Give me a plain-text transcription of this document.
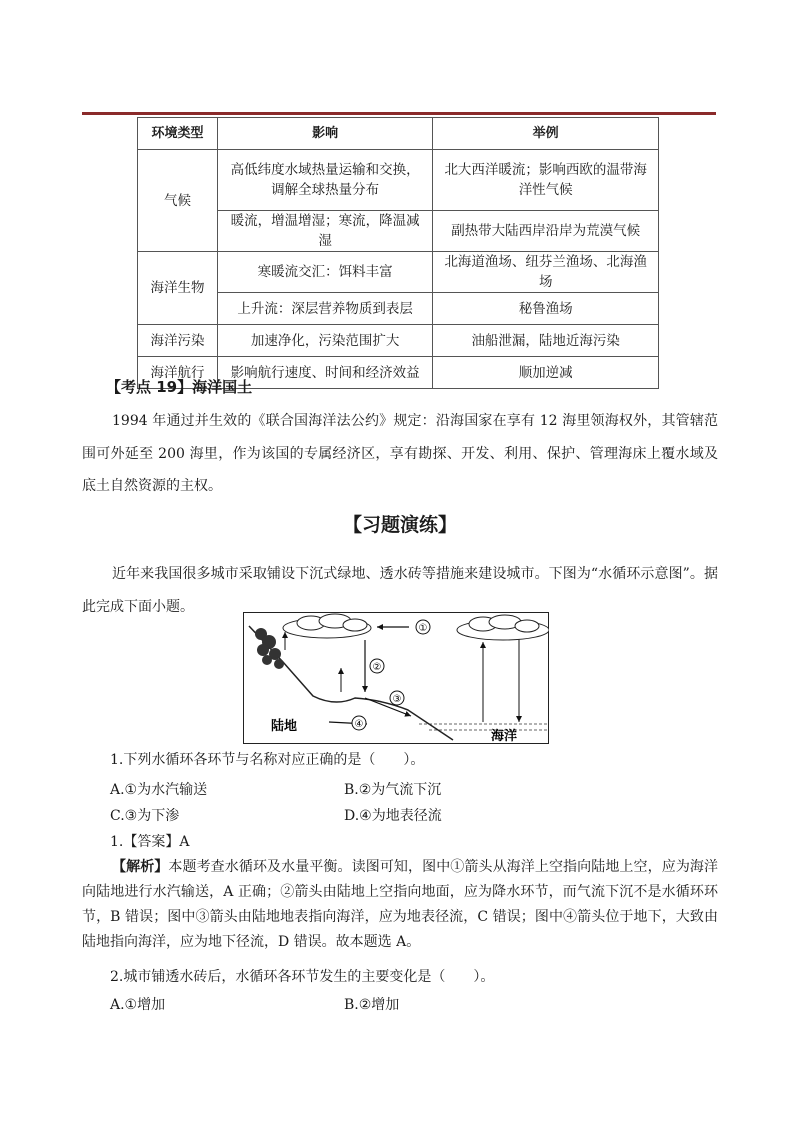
环境类型	影响	举例
气候	高低纬度水域热量运输和交换，调解全球热量分布	北大西洋暖流；影响西欧的温带海洋性气候
	暖流，增温增湿；寒流，降温减湿	副热带大陆西岸沿岸为荒漠气候
海洋生物	寒暖流交汇：饵料丰富	北海道渔场、纽芬兰渔场、北海渔场
	上升流：深层营养物质到表层	秘鲁渔场
海洋污染	加速净化，污染范围扩大	油船泄漏，陆地近海污染
海洋航行	影响航行速度、时间和经济效益	顺加逆减

【考点 19】海洋国土

1994 年通过并生效的《联合国海洋法公约》规定：沿海国家在享有 12 海里领海权外，其管辖范围可外延至 200 海里，作为该国的专属经济区，享有勘探、开发、利用、保护、管理海床上覆水域及底土自然资源的主权。

【习题演练】

近年来我国很多城市采取铺设下沉式绿地、透水砖等措施来建设城市。下图为“水循环示意图”。据此完成下面小题。

①
②
③
④
陆地
海洋

1.下列水循环各环节与名称对应正确的是（　　）。

A.①为水汽输送	B.②为气流下沉

C.③为下渗	D.④为地表径流

1.【答案】A

【解析】本题考查水循环及水量平衡。读图可知，图中①箭头从海洋上空指向陆地上空，应为海洋向陆地进行水汽输送，A 正确；②箭头由陆地上空指向地面，应为降水环节，而气流下沉不是水循环环节，B 错误；图中③箭头由陆地地表指向海洋，应为地表径流，C 错误；图中④箭头位于地下，大致由陆地指向海洋，应为地下径流，D 错误。故本题选 A。

2.城市铺透水砖后，水循环各环节发生的主要变化是（　　）。

A.①增加	B.②增加
